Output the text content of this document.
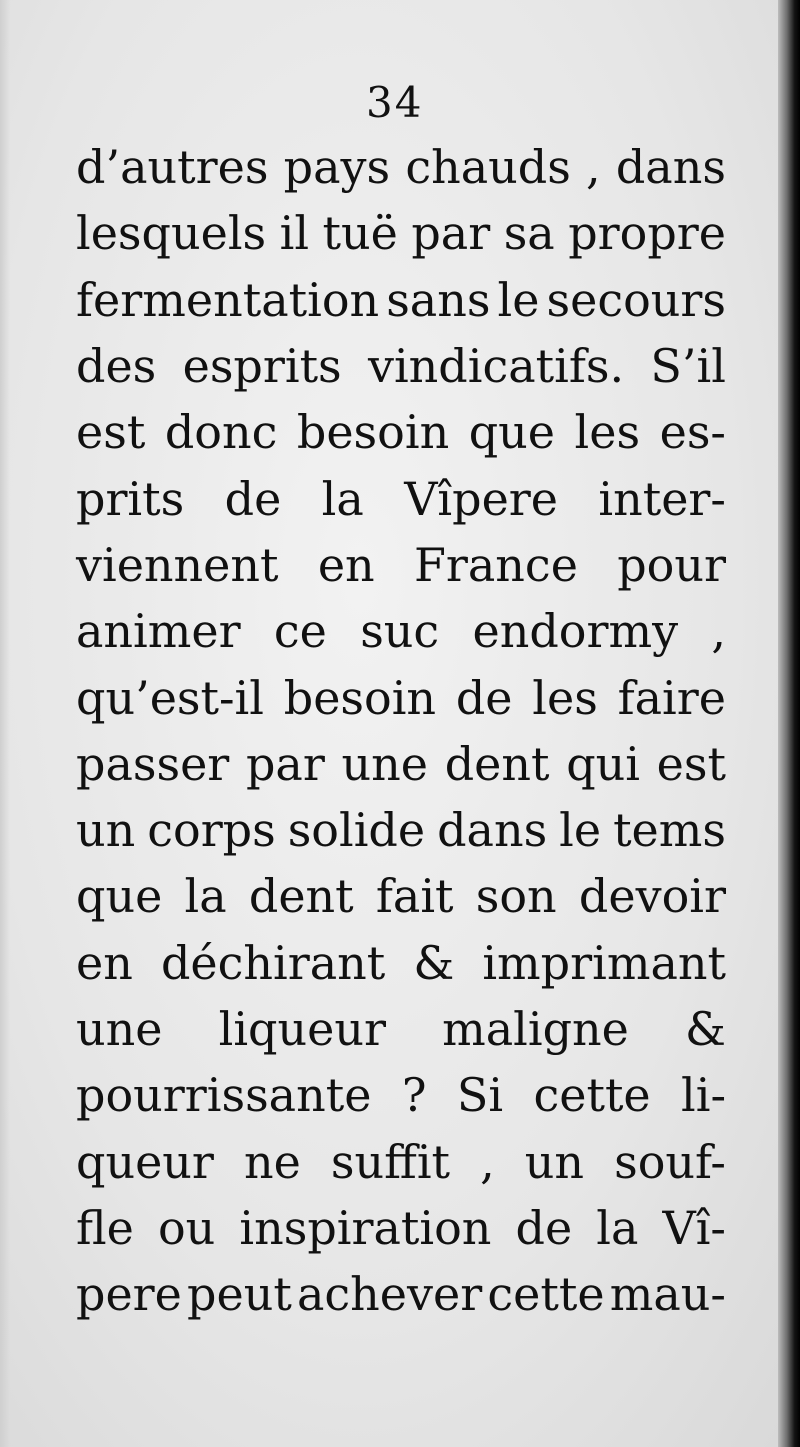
34
d’autres pays chauds , dans
lesquels il tuë par sa propre
fermentation sans le secours
des esprits vindicatifs. S’il
est donc besoin que les es-
prits de la Vîpere inter-
viennent en France pour
animer ce suc endormy ,
qu’est-il besoin de les faire
passer par une dent qui est
un corps solide dans le tems
que la dent fait son devoir
en déchirant & imprimant
une liqueur maligne &
pourrissante ? Si cette li-
queur ne suffit , un souf-
fle ou inspiration de la Vî-
pere peut achever cette mau-
